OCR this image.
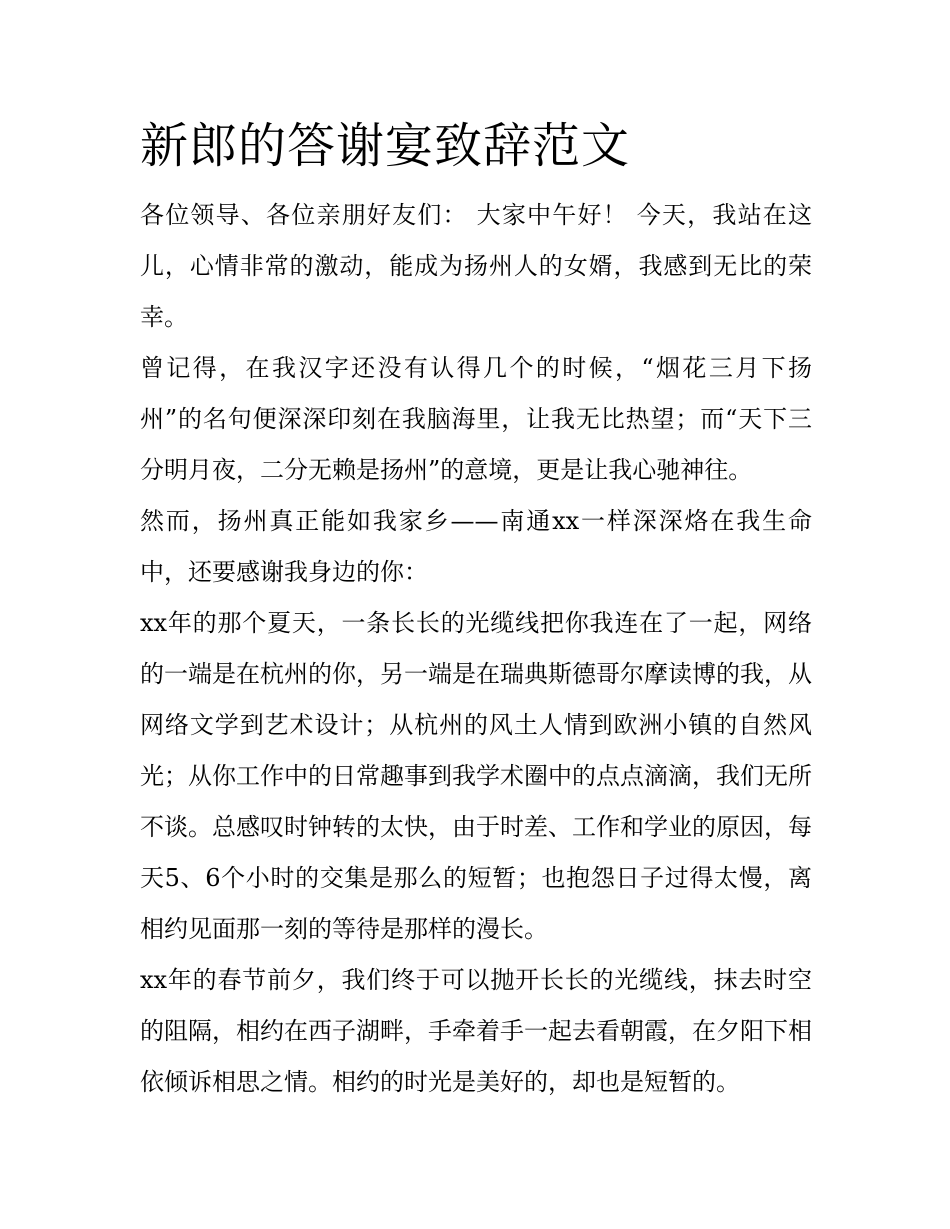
新郎的答谢宴致辞范文

各位领导、各位亲朋好友们： 大家中午好！ 今天，我站在这儿，心情非常的激动，能成为扬州人的女婿，我感到无比的荣幸。

曾记得，在我汉字还没有认得几个的时候，“烟花三月下扬州”的名句便深深印刻在我脑海里，让我无比热望；而“天下三分明月夜，二分无赖是扬州”的意境，更是让我心驰神往。

然而，扬州真正能如我家乡——南通xx一样深深烙在我生命中，还要感谢我身边的你：

xx年的那个夏天，一条长长的光缆线把你我连在了一起，网络的一端是在杭州的你，另一端是在瑞典斯德哥尔摩读博的我，从网络文学到艺术设计；从杭州的风土人情到欧洲小镇的自然风光；从你工作中的日常趣事到我学术圈中的点点滴滴，我们无所不谈。总感叹时钟转的太快，由于时差、工作和学业的原因，每天5、6个小时的交集是那么的短暂；也抱怨日子过得太慢，离相约见面那一刻的等待是那样的漫长。

xx年的春节前夕，我们终于可以抛开长长的光缆线，抹去时空的阻隔，相约在西子湖畔，手牵着手一起去看朝霞，在夕阳下相依倾诉相思之情。相约的时光是美好的，却也是短暂的。
